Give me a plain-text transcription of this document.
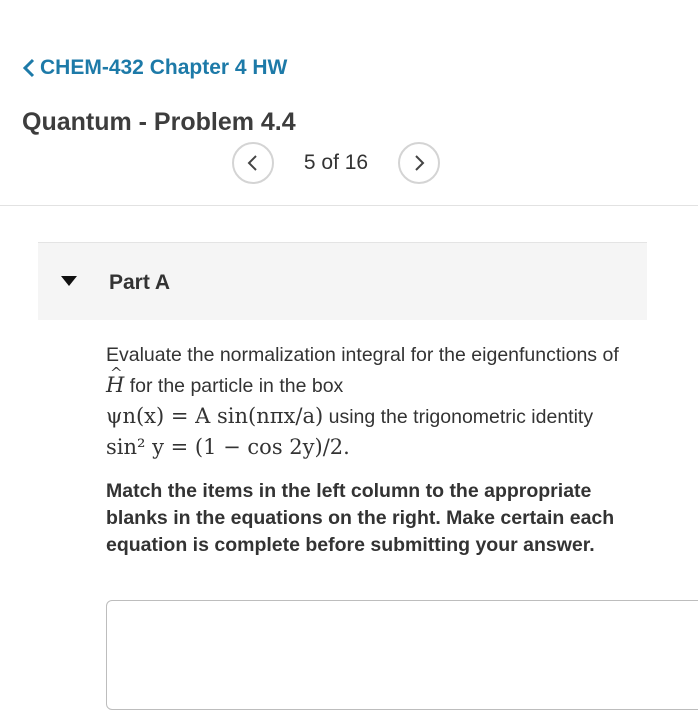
CHEM-432 Chapter 4 HW
Quantum - Problem 4.4
5 of 16
Part A

Evaluate the normalization integral for the eigenfunctions of ^ H for the particle in the box
ψn(x) = A sin(nπx/a) using the trigonometric identity sin² y = (1 − cos 2y)/2.

Match the items in the left column to the appropriate blanks in the equations on the right. Make certain each equation is complete before submitting your answer.
